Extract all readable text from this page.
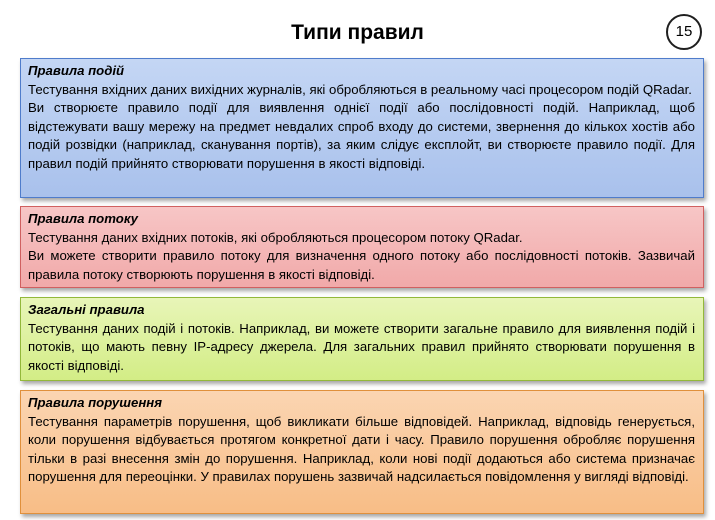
Типи правил	15

Правила подій

Тестування вхідних даних вихідних журналів, які обробляються в реальному часі процесором подій QRadar.

Ви створюєте правило події для виявлення однієї події або послідовності подій. Наприклад, щоб відстежувати вашу мережу на предмет невдалих спроб входу до системи, звернення до кількох хостів або подій розвідки (наприклад, сканування портів), за яким слідує експлойт, ви створюєте правило події. Для правил подій прийнято створювати порушення в якості відповіді.

Правила потоку

Тестування даних вхідних потоків, які обробляються процесором потоку QRadar.

Ви можете створити правило потоку для визначення одного потоку або послідовності потоків. Зазвичай правила потоку створюють порушення в якості відповіді.

Загальні правила

Тестування даних подій і потоків. Наприклад, ви можете створити загальне правило для виявлення подій і потоків, що мають певну IP-адресу джерела. Для загальних правил прийнято створювати порушення в якості відповіді.

Правила порушення

Тестування параметрів порушення, щоб викликати більше відповідей. Наприклад, відповідь генерується, коли порушення відбувається протягом конкретної дати і часу. Правило порушення обробляє порушення тільки в разі внесення змін до порушення. Наприклад, коли нові події додаються або система призначає порушення для переоцінки. У правилах порушень зазвичай надсилається повідомлення у вигляді відповіді.
